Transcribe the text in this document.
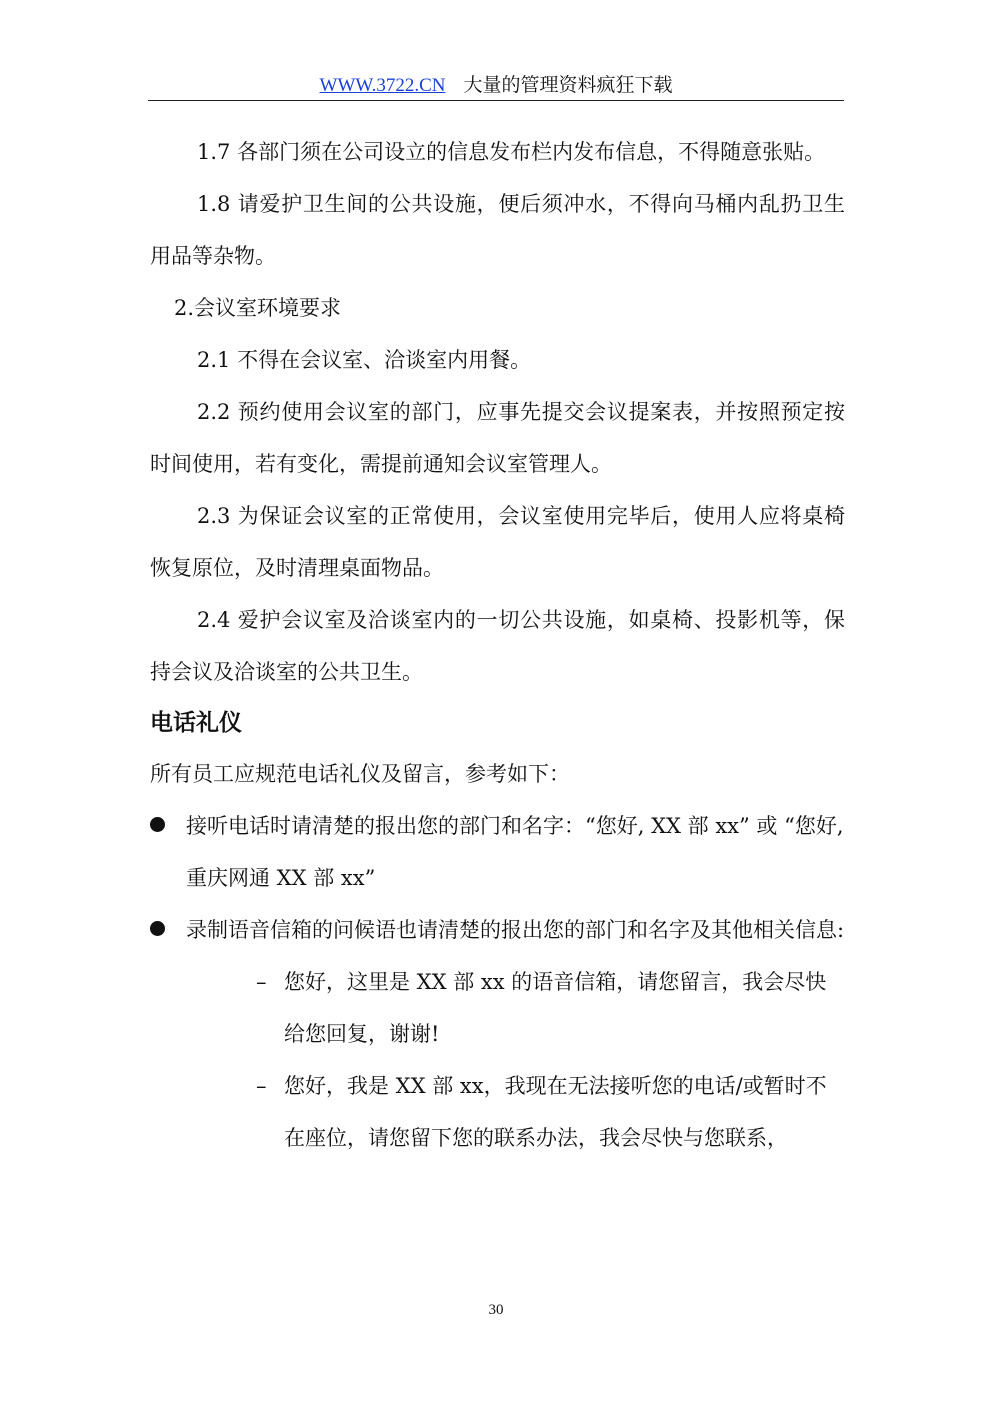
WWW.3722.CN 大量的管理资料疯狂下载

1.7 各部门须在公司设立的信息发布栏内发布信息，不得随意张贴。

1.8 请爱护卫生间的公共设施，便后须冲水，不得向马桶内乱扔卫生用品等杂物。

2.会议室环境要求

2.1 不得在会议室、洽谈室内用餐。

2.2 预约使用会议室的部门，应事先提交会议提案表，并按照预定按时间使用，若有变化，需提前通知会议室管理人。

2.3 为保证会议室的正常使用，会议室使用完毕后，使用人应将桌椅恢复原位，及时清理桌面物品。

2.4 爱护会议室及洽谈室内的一切公共设施，如桌椅、投影机等，保持会议及洽谈室的公共卫生。

电话礼仪

所有员工应规范电话礼仪及留言，参考如下：

接听电话时请清楚的报出您的部门和名字：“您好, XX 部 xx” 或 “您好, 重庆网通 XX 部 xx”
录制语音信箱的问候语也请清楚的报出您的部门和名字及其他相关信息:
– 您好，这里是 XX 部 xx 的语音信箱，请您留言，我会尽快给您回复，谢谢!
– 您好，我是 XX 部 xx，我现在无法接听您的电话/或暂时不在座位，请您留下您的联系办法，我会尽快与您联系，
30
